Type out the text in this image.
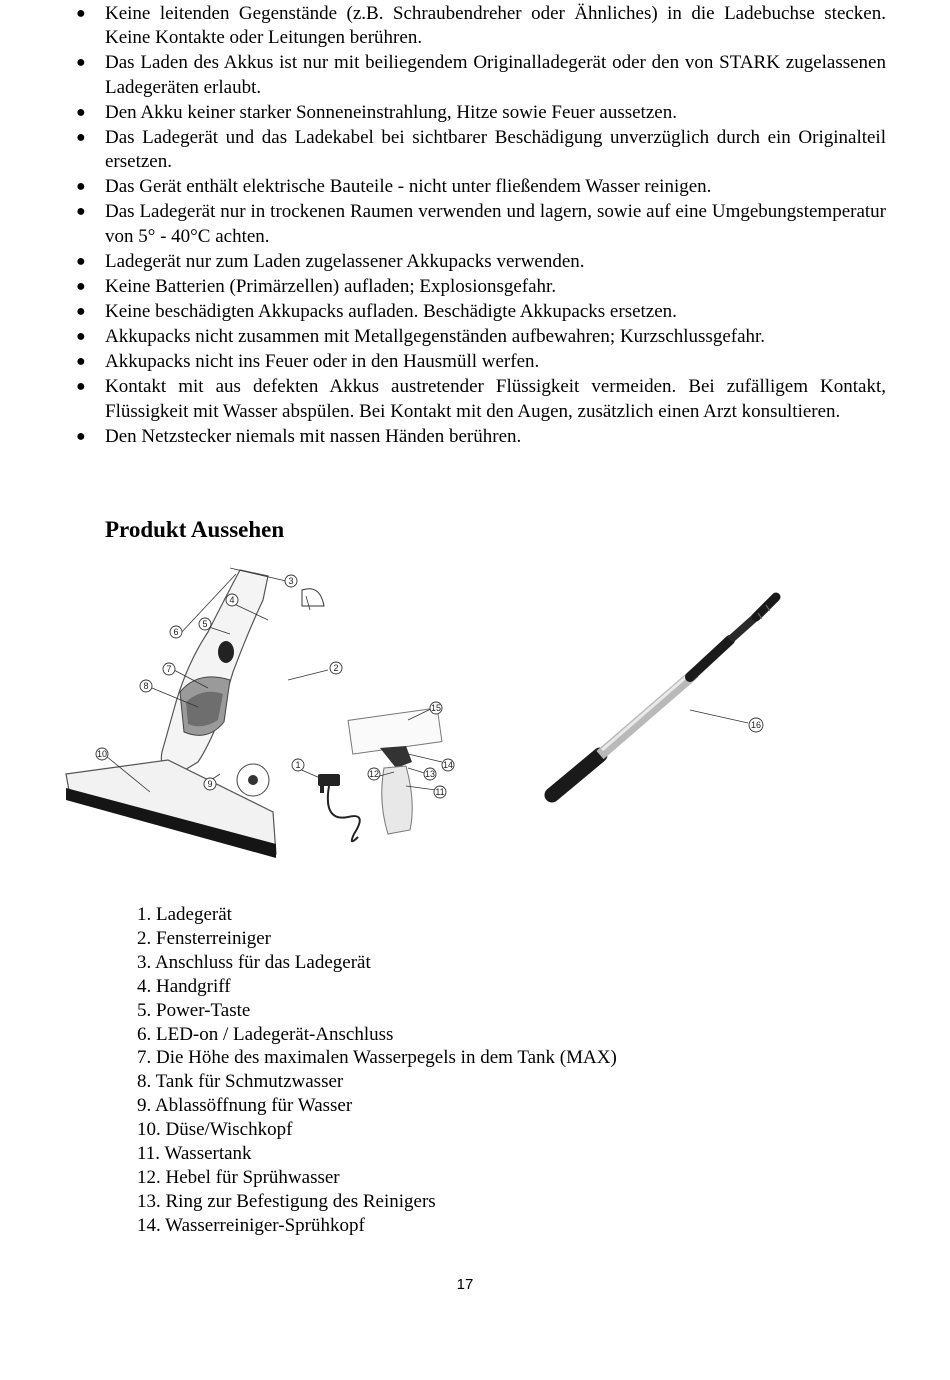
● Keine leitenden Gegenstände (z.B. Schraubendreher oder Ähnliches) in die Ladebuchse stecken. Keine Kontakte oder Leitungen berühren.
● Das Laden des Akkus ist nur mit beiliegendem Originalladegerät oder den von STARK zugelassenen Ladegeräten erlaubt.
● Den Akku keiner starker Sonneneinstrahlung, Hitze sowie Feuer aussetzen.
● Das Ladegerät und das Ladekabel bei sichtbarer Beschädigung unverzüglich durch ein Originalteil ersetzen.
● Das Gerät enthält elektrische Bauteile - nicht unter fließendem Wasser reinigen.
● Das Ladegerät nur in trockenen Raumen verwenden und lagern, sowie auf eine Umgebungstemperatur von 5° - 40°C achten.
● Ladegerät nur zum Laden zugelassener Akkupacks verwenden.
● Keine Batterien (Primärzellen) aufladen; Explosionsgefahr.
● Keine beschädigten Akkupacks aufladen. Beschädigte Akkupacks ersetzen.
● Akkupacks nicht zusammen mit Metallgegenständen aufbewahren; Kurzschlussgefahr.
● Akkupacks nicht ins Feuer oder in den Hausmüll werfen.
● Kontakt mit aus defekten Akkus austretender Flüssigkeit vermeiden. Bei zufälligem Kontakt, Flüssigkeit mit Wasser abspülen. Bei Kontakt mit den Augen, zusätzlich einen Arzt konsultieren.
● Den Netzstecker niemals mit nassen Händen berühren.
Produkt Aussehen
1
2
3
4
5
6
7
8
9
10
11
12	13
14
15
16
1. Ladegerät
2. Fensterreiniger
3. Anschluss für das Ladegerät
4. Handgriff
5. Power-Taste
6. LED-on / Ladegerät-Anschluss
7. Die Höhe des maximalen Wasserpegels in dem Tank (MAX)
8. Tank für Schmutzwasser
9. Ablassöffnung für Wasser
10. Düse/Wischkopf
11. Wassertank
12. Hebel für Sprühwasser
13. Ring zur Befestigung des Reinigers
14. Wasserreiniger-Sprühkopf
17
